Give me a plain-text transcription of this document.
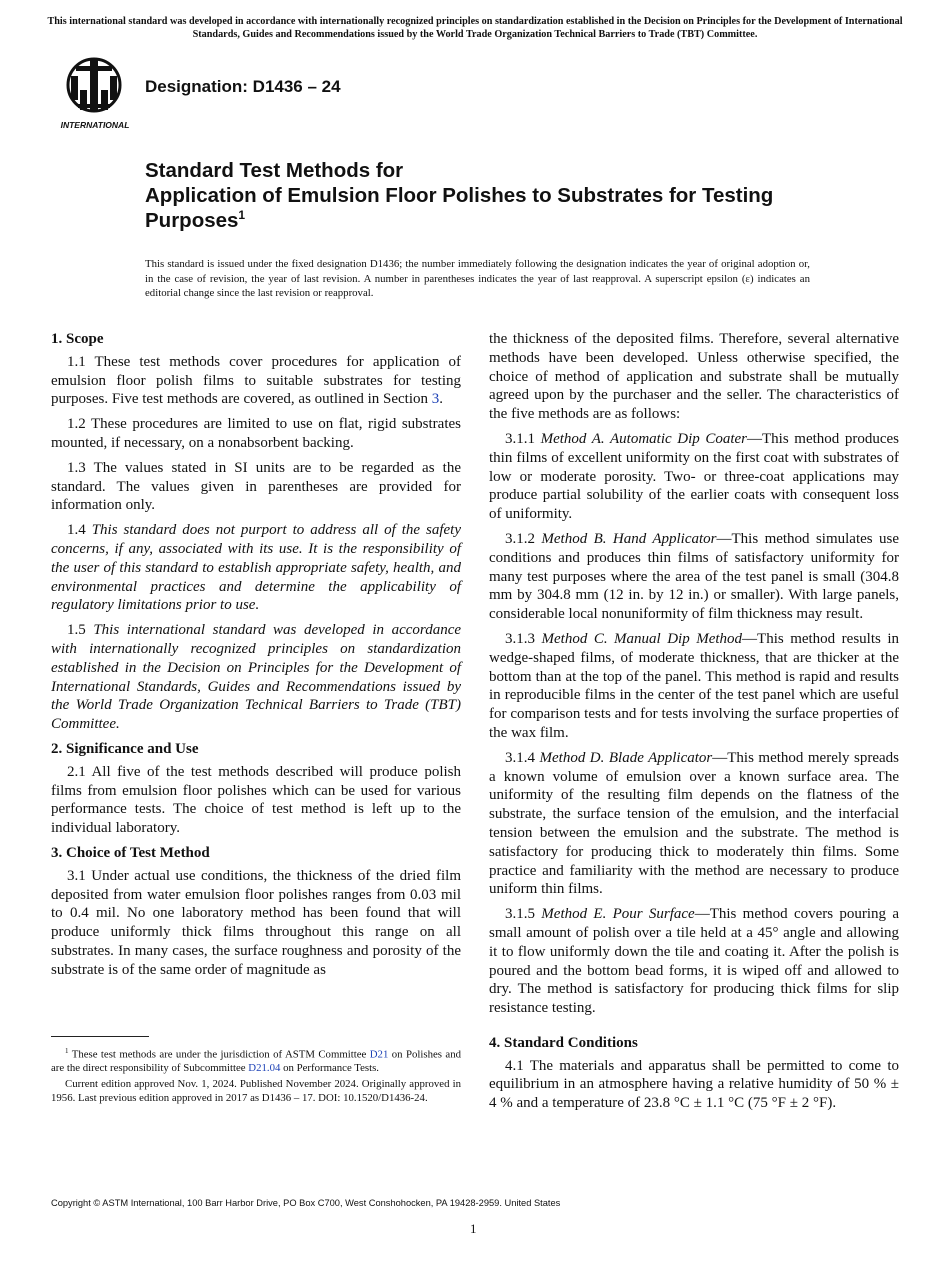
This international standard was developed in accordance with internationally recognized principles on standardization established in the Decision on Principles for the Development of International Standards, Guides and Recommendations issued by the World Trade Organization Technical Barriers to Trade (TBT) Committee.
INTERNATIONAL
Designation: D1436 – 24
Standard Test Methods for
Application of Emulsion Floor Polishes to Substrates for Testing Purposes$^1$
This standard is issued under the fixed designation D1436; the number immediately following the designation indicates the year of original adoption or, in the case of revision, the year of last revision. A number in parentheses indicates the year of last reapproval. A superscript epsilon (ε) indicates an editorial change since the last revision or reapproval.
1. Scope

1.1 These test methods cover procedures for application of emulsion floor polish films to suitable substrates for testing purposes. Five test methods are covered, as outlined in Section 3.

1.2 These procedures are limited to use on flat, rigid substrates mounted, if necessary, on a nonabsorbent backing.

1.3 The values stated in SI units are to be regarded as the standard. The values given in parentheses are provided for information only.

1.4 This standard does not purport to address all of the safety concerns, if any, associated with its use. It is the responsibility of the user of this standard to establish appropriate safety, health, and environmental practices and determine the applicability of regulatory limitations prior to use.

1.5 This international standard was developed in accordance with internationally recognized principles on standardization established in the Decision on Principles for the Development of International Standards, Guides and Recommendations issued by the World Trade Organization Technical Barriers to Trade (TBT) Committee.

2. Significance and Use

2.1 All five of the test methods described will produce polish films from emulsion floor polishes which can be used for various performance tests. The choice of test method is left up to the individual laboratory.

3. Choice of Test Method

3.1 Under actual use conditions, the thickness of the dried film deposited from water emulsion floor polishes ranges from 0.03 mil to 0.4 mil. No one laboratory method has been found that will produce uniformly thick films throughout this range on all substrates. In many cases, the surface roughness and porosity of the substrate is of the same order of magnitude as

the thickness of the deposited films. Therefore, several alternative methods have been developed. Unless otherwise specified, the choice of method of application and substrate shall be mutually agreed upon by the purchaser and the seller. The characteristics of the five methods are as follows:

3.1.1 Method A. Automatic Dip Coater—This method produces thin films of excellent uniformity on the first coat with substrates of low or moderate porosity. Two- or three-coat applications may produce partial solubility of the earlier coats with consequent loss of uniformity.

3.1.2 Method B. Hand Applicator—This method simulates use conditions and produces thin films of satisfactory uniformity for many test purposes where the area of the test panel is small (304.8 mm by 304.8 mm (12 in. by 12 in.) or smaller). With large panels, considerable local nonuniformity of film thickness may result.

3.1.3 Method C. Manual Dip Method—This method results in wedge-shaped films, of moderate thickness, that are thicker at the bottom than at the top of the panel. This method is rapid and results in reproducible films in the center of the test panel which are useful for comparison tests and for tests involving the surface properties of the wax film.

3.1.4 Method D. Blade Applicator—This method merely spreads a known volume of emulsion over a known surface area. The uniformity of the resulting film depends on the flatness of the substrate, the surface tension of the emulsion, and the interfacial tension between the emulsion and the substrate. The method is satisfactory for producing thick to moderately thin films. Some practice and familiarity with the method are necessary to produce uniform thin films.

3.1.5 Method E. Pour Surface—This method covers pouring a small amount of polish over a tile held at a 45° angle and allowing it to flow uniformly down the tile and coating it. After the polish is poured and the bottom bead forms, it is wiped off and allowed to dry. The method is satisfactory for producing thick films for slip resistance testing.

4. Standard Conditions

4.1 The materials and apparatus shall be permitted to come to equilibrium in an atmosphere having a relative humidity of 50 % ± 4 % and a temperature of 23.8 °C ± 1.1 °C (75 °F ± 2 °F).

$^1$ These test methods are under the jurisdiction of ASTM Committee D21 on Polishes and are the direct responsibility of Subcommittee D21.04 on Performance Tests.

Current edition approved Nov. 1, 2024. Published November 2024. Originally approved in 1956. Last previous edition approved in 2017 as D1436 – 17. DOI: 10.1520/D1436-24.

Copyright © ASTM International, 100 Barr Harbor Drive, PO Box C700, West Conshohocken, PA 19428-2959. United States
1
